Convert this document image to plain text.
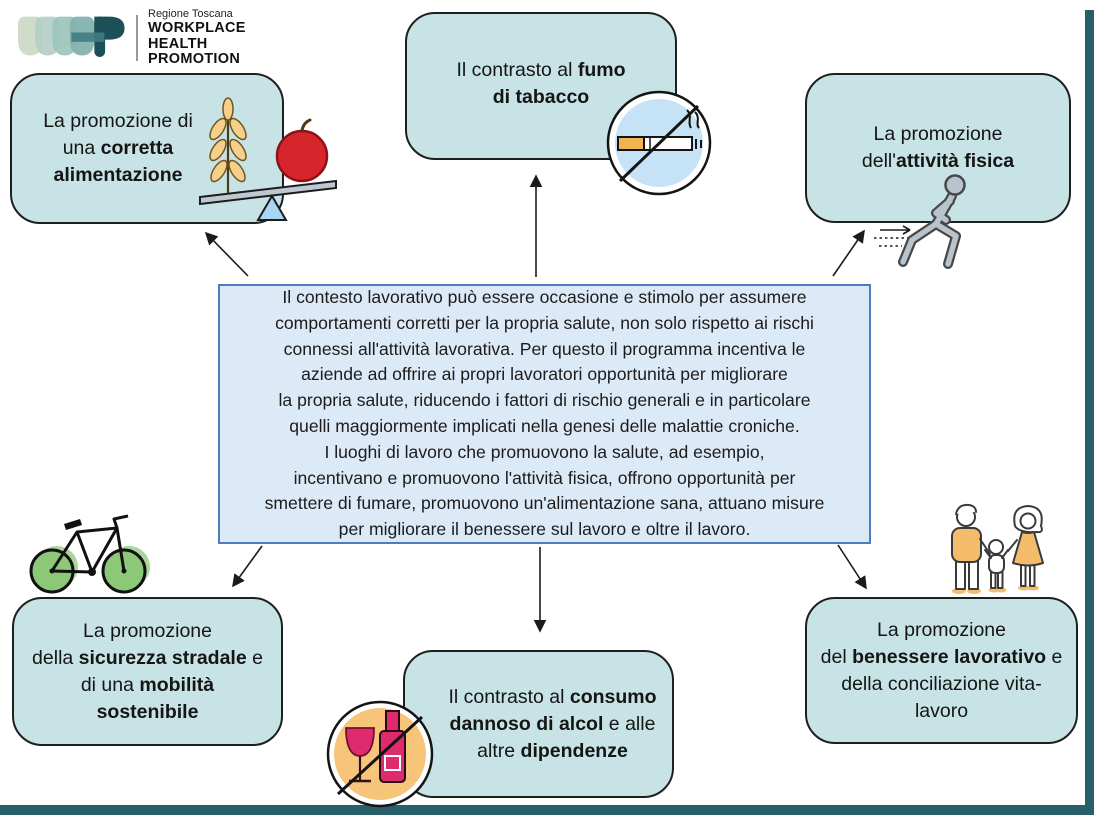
Regione Toscana
WORKPLACE
HEALTH
PROMOTION
La promozione di
una corretta
alimentazione
Il contrasto al fumo
di tabacco
La promozione
dell'attività fisica
La promozione
della sicurezza stradale e
di una mobilità
sostenibile
Il contrasto al consumo
dannoso di alcol e alle
altre dipendenze
La promozione
del benessere lavorativo e
della conciliazione vita-
lavoro
Il contesto lavorativo può essere occasione e stimolo per assumere
comportamenti corretti per la propria salute, non solo rispetto ai rischi
connessi all'attività lavorativa. Per questo il programma incentiva le
aziende ad offrire ai propri lavoratori opportunità per migliorare
la propria salute, riducendo i fattori di rischio generali e in particolare
quelli maggiormente implicati nella genesi delle malattie croniche.
I luoghi di lavoro che promuovono la salute, ad esempio,
incentivano e promuovono l'attività fisica, offrono opportunità per
smettere di fumare, promuovono un'alimentazione sana, attuano misure
per migliorare il benessere sul lavoro e oltre il lavoro.
